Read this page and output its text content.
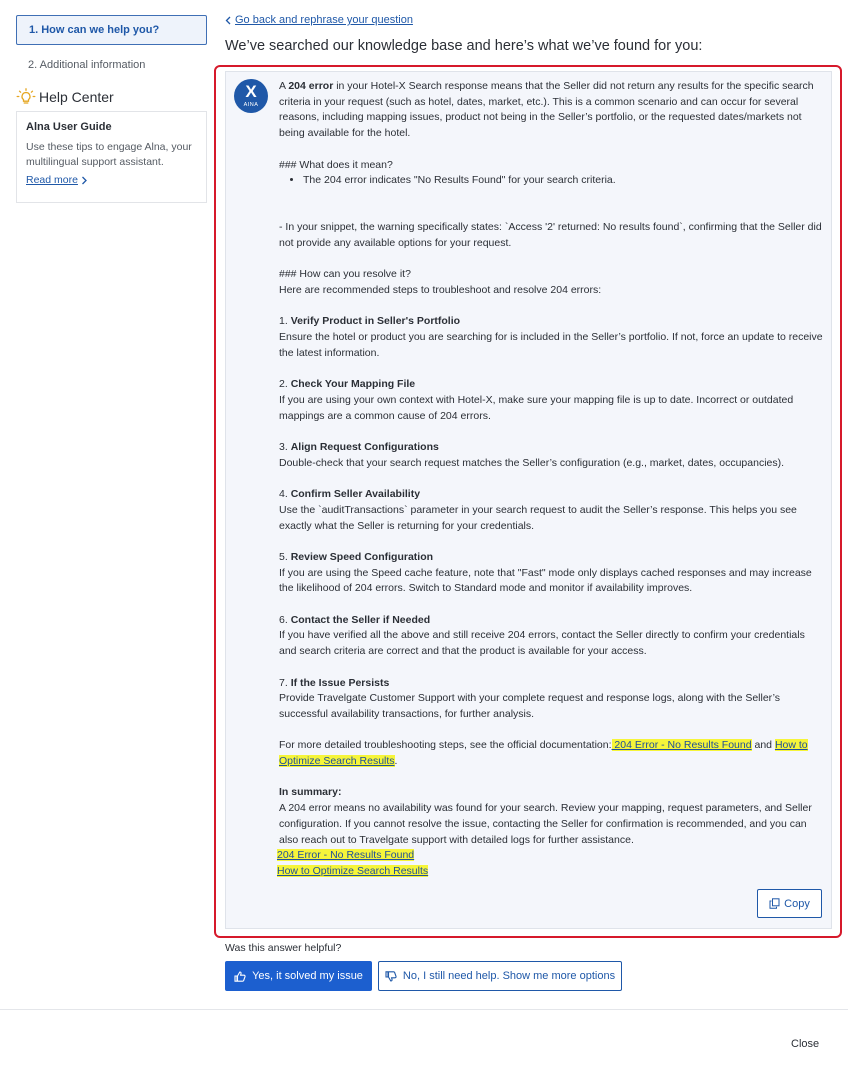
1. How can we help you?
2. Additional information
Help Center
Alna User Guide
Use these tips to engage Alna, your multilingual support assistant.
Read more
Go back and rephrase your question
We’ve searched our knowledge base and here’s what we’ve found for you:
X
AINA

A 204 error in your Hotel-X Search response means that the Seller did not return any results for the specific search criteria in your request (such as hotel, dates, market, etc.). This is a common scenario and can occur for several reasons, including mapping issues, product not being in the Seller’s portfolio, or the requested dates/markets not being available for the hotel.

### What does it mean?

• The 204 error indicates "No Results Found" for your search criteria.

- In your snippet, the warning specifically states: `Access '2' returned: No results found`, confirming that the Seller did not provide any available options for your request.

### How can you resolve it?

Here are recommended steps to troubleshoot and resolve 204 errors:

1. Verify Product in Seller's Portfolio

Ensure the hotel or product you are searching for is included in the Seller’s portfolio. If not, force an update to receive the latest information.

2. Check Your Mapping File

If you are using your own context with Hotel-X, make sure your mapping file is up to date. Incorrect or outdated mappings are a common cause of 204 errors.

3. Align Request Configurations

Double-check that your search request matches the Seller’s configuration (e.g., market, dates, occupancies).

4. Confirm Seller Availability

Use the `auditTransactions` parameter in your search request to audit the Seller’s response. This helps you see exactly what the Seller is returning for your credentials.

5. Review Speed Configuration

If you are using the Speed cache feature, note that "Fast" mode only displays cached responses and may increase the likelihood of 204 errors. Switch to Standard mode and monitor if availability improves.

6. Contact the Seller if Needed

If you have verified all the above and still receive 204 errors, contact the Seller directly to confirm your credentials and search criteria are correct and that the product is available for your access.

7. If the Issue Persists

Provide Travelgate Customer Support with your complete request and response logs, along with the Seller’s successful availability transactions, for further analysis.

For more detailed troubleshooting steps, see the official documentation: 204 Error - No Results Found and How to Optimize Search Results.

In summary:

A 204 error means no availability was found for your search. Review your mapping, request parameters, and Seller configuration. If you cannot resolve the issue, contacting the Seller for confirmation is recommended, and you can also reach out to Travelgate support with detailed logs for further assistance.

204 Error - No Results Found

How to Optimize Search Results

Copy
Was this answer helpful?
Yes, it solved my issue	No, I still need help. Show me more options
Close
